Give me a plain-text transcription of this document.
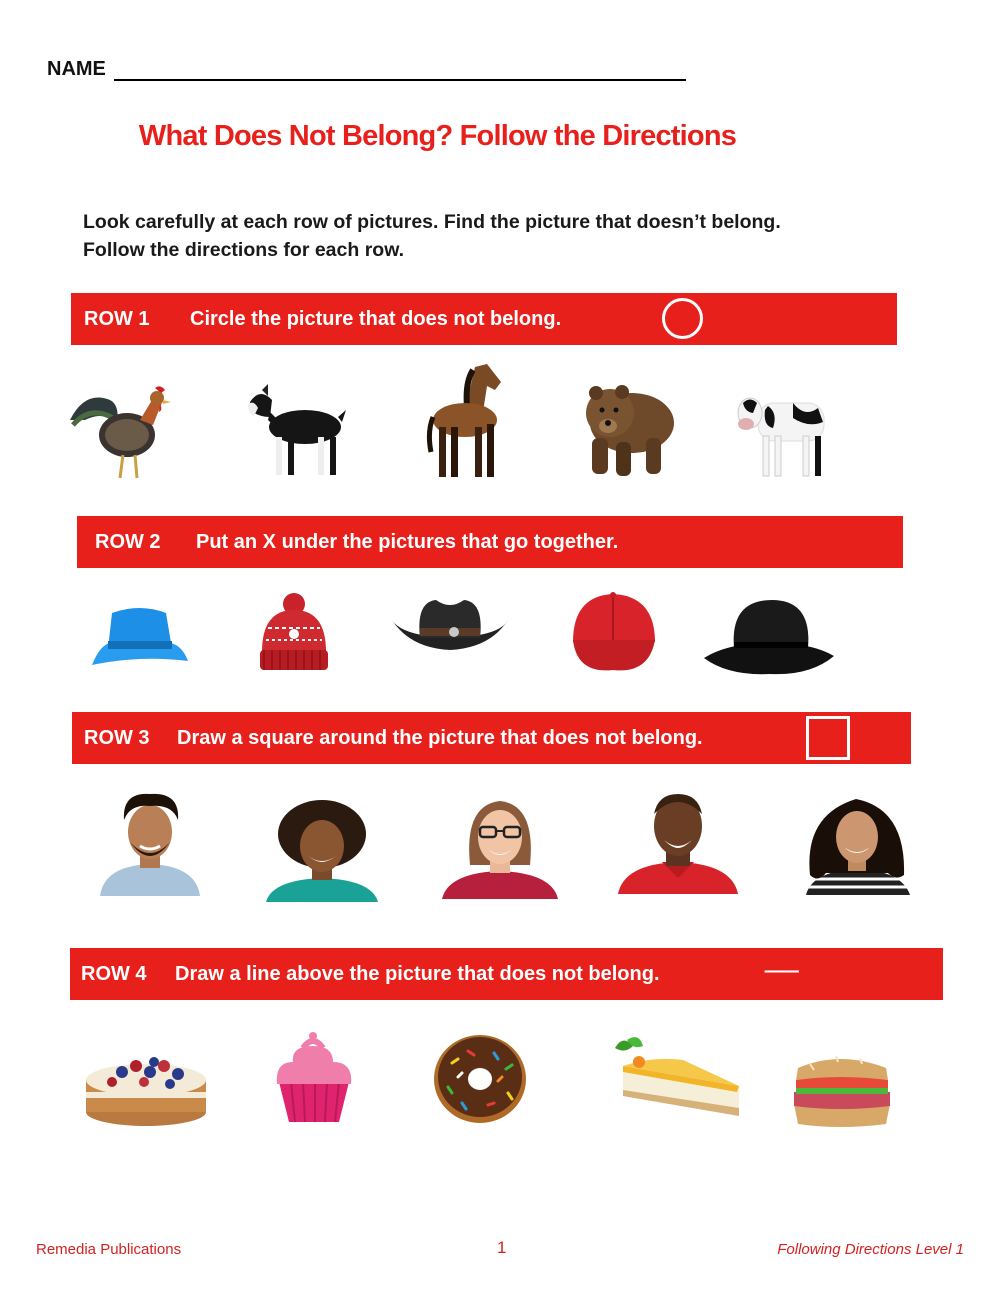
NAME
What Does Not Belong? Follow the Directions
Look carefully at each row of pictures. Find the picture that doesn’t belong. Follow the directions for each row.
ROW 1	Circle the picture that does not belong.
ROW 2	Put an X under the pictures that go together.
ROW 3	Draw a square around the picture that does not belong.
ROW 4	Draw a line above the picture that does not belong.	––––
Remedia Publications	1	Following Directions Level 1
